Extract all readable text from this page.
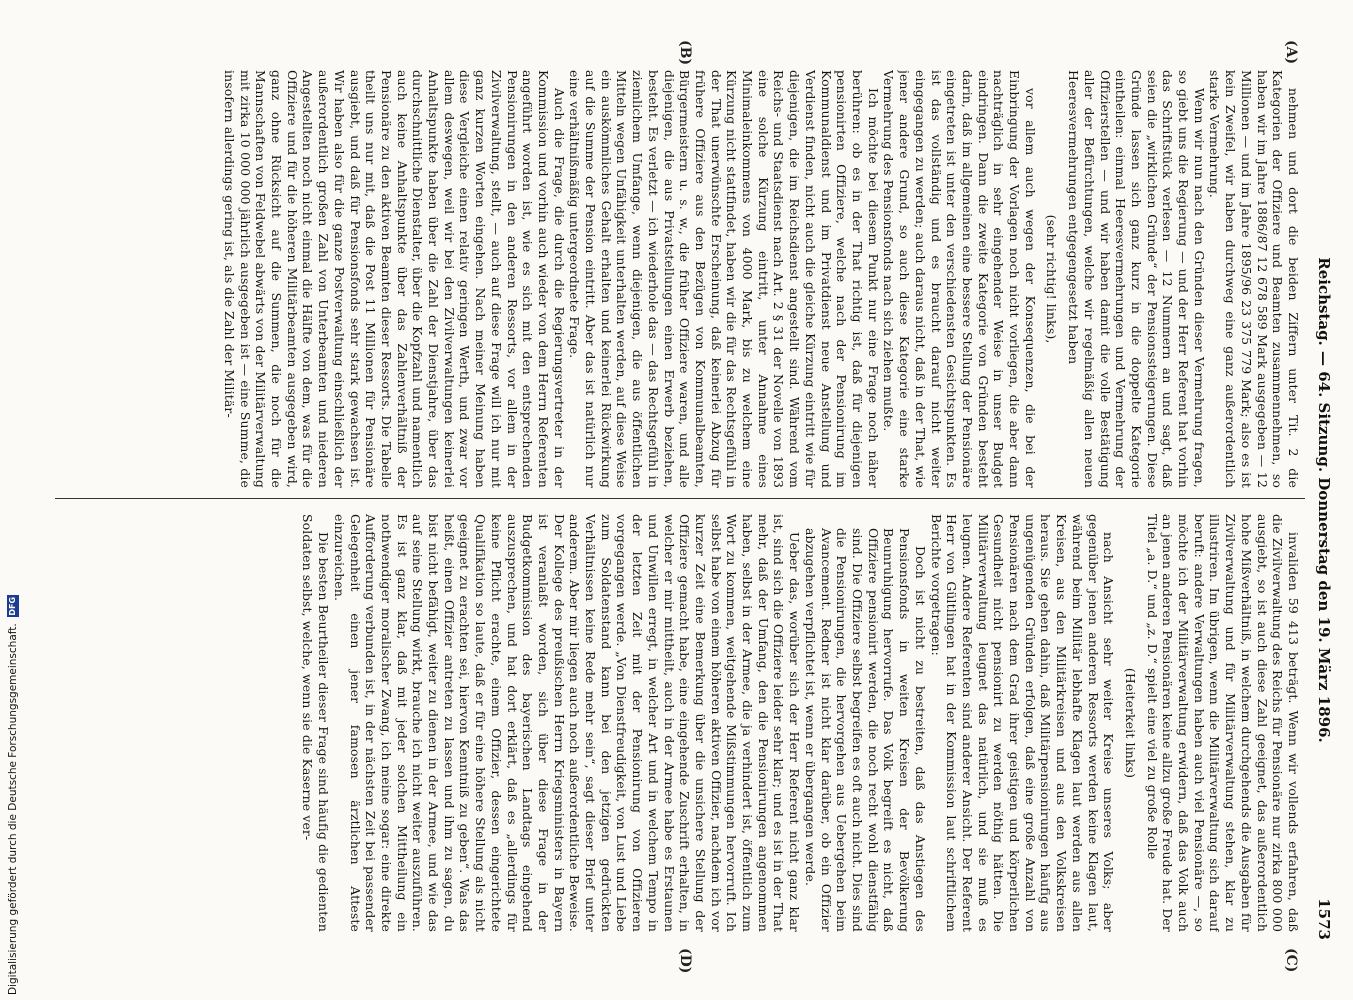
Reichstag. — 64. Sitzung. Donnerstag den 19. März 1896.
1573
(A)
(B)
(C)
(D)

nehmen und dort die beiden Ziffern unter Tit. 2 die Kategorien der Offiziere und Beamten zusammennehmen, so haben wir im Jahre 1886/87 12 678 589 Mark ausgegeben — 12 Millionen — und im Jahre 1895/96 23 375 779 Mark; also es ist kein Zweifel, wir haben durchweg eine ganz außerordentlich starke Vermehrung.

Wenn wir nun nach den Gründen dieser Vermehrung fragen, so giebt uns die Regierung — und der Herr Referent hat vorhin das Schriftstück verlesen — 12 Nummern an und sagt, daß seien die „wirklichen Gründe“ der Pensionssteigerungen. Diese Gründe lassen sich ganz kurz in die doppelte Kategorie eintheilen: einmal Heeresvermehrungen und Vermehrung der Offizierstellen — und wir haben damit die volle Bestätigung aller der Befürchtungen, welche wir regelmäßig allen neuen Heeresvermehrungen entgegengesetzt haben

(sehr richtig! links),

vor allem auch wegen der Konsequenzen, die bei der Einbringung der Vorlagen noch nicht vorliegen, die aber dann nachträglich in sehr eingehender Weise in unser Budget eindringen. Dann die zweite Kategorie von Gründen besteht darin, daß im allgemeinen eine bessere Stellung der Pensionäre eingetreten ist unter den verschiedensten Gesichtspunkten. Es ist das vollständig und es braucht darauf nicht weiter eingegangen zu werden; auch daraus nicht, daß in der That, wie jener andere Grund, so auch diese Kategorie eine starke Vermehrung des Pensionsfonds nach sich ziehen mußte.

Ich möchte bei diesem Punkt nur eine Frage noch näher berühren: ob es in der That richtig ist, daß für diejenigen pensionirten Offiziere, welche nach der Pensionirung im Kommunaldienst und im Privatdienst neue Anstellung und Verdienst finden, nicht auch die gleiche Kürzung eintritt wie für diejenigen, die im Reichsdienst angestellt sind. Während vom Reichs- und Staatsdienst nach Art. 2 § 31 der Novelle von 1893 eine solche Kürzung eintritt, unter Annahme eines Minimaleinkommens von 4000 Mark, bis zu welchem eine Kürzung nicht stattfindet, haben wir die für das Rechtsgefühl in der That unerwünschte Erscheinung, daß keinerlei Abzug für frühere Offiziere aus den Bezügen von Kommunalbeamten, Bürgermeistern u. s. w., die früher Offiziere waren, und alle diejenigen, die aus Privatstellungen einen Erwerb beziehen, besteht. Es verletzt — ich wiederhole das — das Rechtsgefühl in ziemlichem Umfange, wenn diejenigen, die aus öffentlichen Mitteln wegen Unfähigkeit unterhalten werden, auf diese Weise ein auskömmliches Gehalt erhalten und keinerlei Rückwirkung auf die Summe der Pension eintritt. Aber das ist natürlich nur eine verhältnißmäßig untergeordnete Frage.

Auch die Frage, die durch die Regierungsvertreter in der Kommission und vorhin auch wieder von dem Herrn Referenten angeführt worden ist, wie es sich mit den entsprechenden Pensionirungen in den anderen Ressorts, vor allem in der Zivilverwaltung, stellt, — auch auf diese Frage will ich nur mit ganz kurzen Worten eingehen. Nach meiner Meinung haben diese Vergleiche einen relativ geringen Werth, und zwar vor allem deswegen, weil wir bei den Zivilverwaltungen keinerlei Anhaltspunkte haben über die Zahl der Dienstjahre, über das durchschnittliche Dienstalter, über die Kopfzahl und namentlich auch keine Anhaltspunkte über das Zahlenverhältniß der Pensionäre zu den aktiven Beamten dieser Ressorts. Die Tabelle theilt uns nur mit, daß die Post 11 Millionen für Pensionäre ausgiebt, und daß für Pensionsfonds sehr stark gewachsen ist. Wir haben also für die ganze Postverwaltung einschließlich der außerordentlich großen Zahl von Unterbeamten und niederen Angestellten noch nicht einmal die Hälfte von dem, was für die Offiziere und für die höheren Militärbeamten ausgegeben wird, ganz ohne Rücksicht auf die Summen, die noch für die Mannschaften von Feldwebel abwärts von der Militärverwaltung mit zirka 10 000 000 jährlich ausgegeben ist — eine Summe, die insofern allerdings gering ist, als die Zahl der Militär-

invaliden 59 413 beträgt. Wenn wir vollends erfahren, daß die Zivilverwaltung des Reichs für Pensionäre nur zirka 800 000 ausgiebt, so ist auch diese Zahl geeignet, das außerordentlich hohe Mißverhältniß, in welchem durchgehends die Ausgaben für Zivilverwaltung und für Militärverwaltung stehen, klar zu illustriren. Im übrigen, wenn die Militärverwaltung sich darauf beruft: andere Verwaltungen haben auch viel Pensionäre —, so möchte ich der Militärverwaltung erwidern, daß das Volk auch an jenen anderen Pensionären keine allzu große Freude hat. Der Titel „a. D.“ und „z. D.“ spielt eine viel zu große Rolle

(Heiterkeit links)

nach Ansicht sehr weiter Kreise unseres Volks; aber gegenüber jenen anderen Ressorts werden keine Klagen laut, während beim Militär lebhafte Klagen laut werden aus allen Kreisen, aus den Militärkreisen und aus den Volkskreisen heraus. Sie gehen dahin, daß Militärpensionirungen häufig aus ungenügenden Gründen erfolgen, daß eine große Anzahl von Pensionären nach dem Grad ihrer geistigen und körperlichen Gesundheit nicht pensionirt zu werden nöthig hätten. Die Militärverwaltung leugnet das natürlich, und sie muß es leugnen. Andere Referenten sind anderer Ansicht. Der Referent Herr von Gültlingen hat in der Kommission laut schriftlichem Berichte vorgetragen:

Doch ist nicht zu bestreiten, daß das Anstiegen des Pensionsfonds in weiten Kreisen der Bevölkerung Beunruhigung hervorrufe. Das Volk begreift es nicht, daß Offiziere pensionirt werden, die noch recht wohl dienstfähig sind. Die Offiziere selbst begreifen es oft auch nicht. Dies sind die Pensionirungen, die hervorgehen aus Uebergehen beim Avancement. Redner ist nicht klar darüber, ob ein Offizier abzugehen verpflichtet ist, wenn er übergangen werde.

Ueber das, worüber sich der Herr Referent nicht ganz klar ist, sind sich die Offiziere leider sehr klar; und es ist in der That mehr, daß der Umfang, den die Pensionirungen angenommen haben, selbst in der Armee, die ja verhindert ist, öffentlich zum Wort zu kommen, weitgehende Mißstimmungen hervorruft. Ich selbst habe von einem höheren aktiven Offizier, nachdem ich vor kurzer Zeit eine Bemerkung über die unsichere Stellung der Offiziere gemacht habe, eine eingehende Zuschrift erhalten, in welcher er mir mittheilt, auch in der Armee habe es Erstaunen und Unwillen erregt, in welcher Art und in welchem Tempo in der letzten Zeit mit der Pensionirung von Offizieren vorgegangen werde. „Von Dienstfreudigkeit, von Lust und Liebe zum Soldatenstand kann bei den jetzigen gedrückten Verhältnissen keine Rede mehr sein“, sagt dieser Brief unter anderem. Aber mir liegen auch noch außerordentliche Beweise. Der Kollege des preußischen Herrn Kriegsministers in Bayern ist veranlaßt worden, sich über diese Frage in der Budgetkommission des bayerischen Landtags eingehend auszusprechen, und hat dort erklärt, daß es „allerdings für keine Pflicht erachte, einem Offizier, dessen eingerichtete Qualifikation so laute, daß er für eine höhere Stellung als nicht geeignet zu erachten sei, hiervon Kenntniß zu geben“. Was das heißt, einen Offizier antreten zu lassen und ihm zu sagen, du bist nicht befähigt, weiter zu dienen in der Armee, und wie das auf seine Stellung wirkt, brauche ich nicht weiter auszuführen. Es ist ganz klar, daß mit jeder solchen Mittheilung ein nothwendiger moralischer Zwang, ich meine sogar: eine direkte Aufforderung verbunden ist, in der nächsten Zeit bei passender Gelegenheit einen jener famosen ärztlichen Atteste einzureichen.

Die besten Beurtheiler dieser Frage sind häufig die gedienten Soldaten selbst, welche, wenn sie die Kaserne ver-

Digitalisierung gefördert durch die Deutsche Forschungsgemeinschaft.
DFG
